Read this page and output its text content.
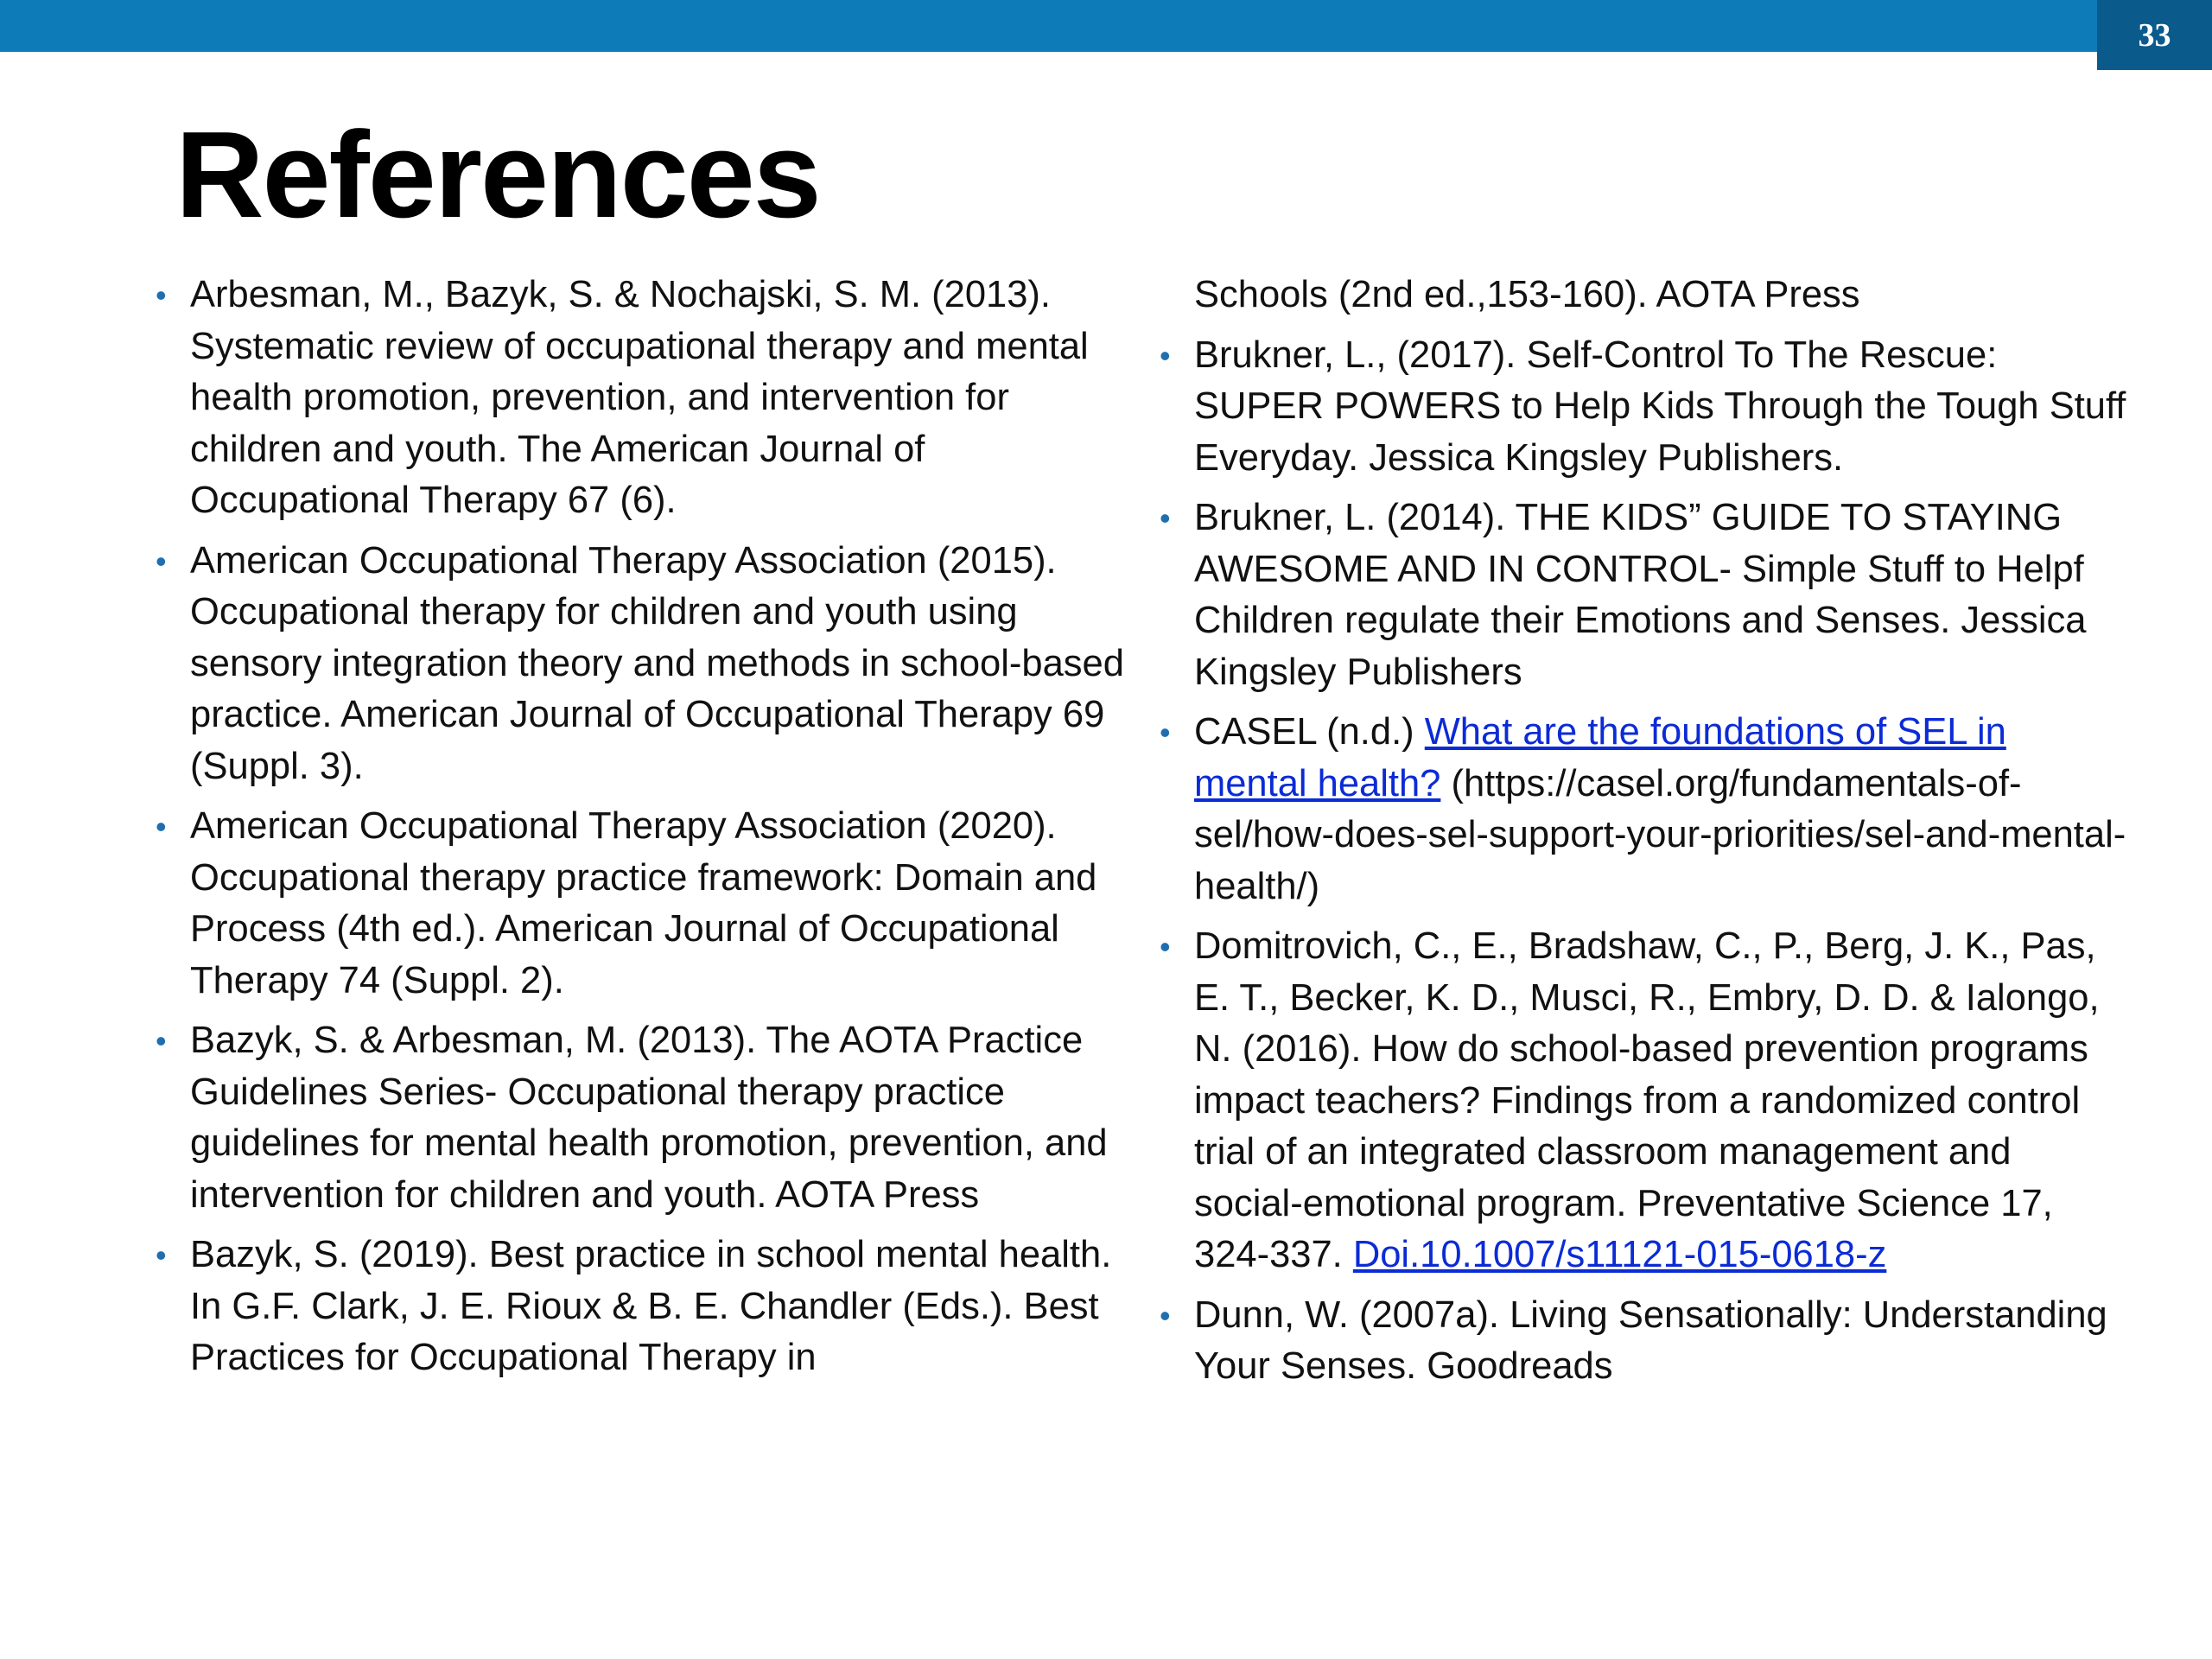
33
References
• Arbesman, M., Bazyk, S. & Nochajski, S. M. (2013). Systematic review of occupational therapy and mental health promotion, prevention, and intervention for children and youth. The American Journal of Occupational Therapy 67 (6).
• American Occupational Therapy Association (2015). Occupational therapy for children and youth using sensory integration theory and methods in school-based practice. American Journal of Occupational Therapy 69 (Suppl. 3).
• American Occupational Therapy Association (2020). Occupational therapy practice framework: Domain and Process (4th ed.). American Journal of Occupational Therapy 74 (Suppl. 2).
• Bazyk, S. & Arbesman, M. (2013). The AOTA Practice Guidelines Series- Occupational therapy practice guidelines for mental health promotion, prevention, and intervention for children and youth. AOTA Press
• Bazyk, S. (2019). Best practice in school mental health. In G.F. Clark, J. E. Rioux & B. E. Chandler (Eds.). Best Practices for Occupational Therapy in
Schools (2nd ed.,153-160). AOTA Press
• Brukner, L., (2017). Self-Control To The Rescue: SUPER POWERS to Help Kids Through the Tough Stuff Everyday. Jessica Kingsley Publishers.
• Brukner, L. (2014). THE KIDS” GUIDE TO STAYING AWESOME AND IN CONTROL- Simple Stuff to Helpf Children regulate their Emotions and Senses. Jessica Kingsley Publishers
• CASEL (n.d.) What are the foundations of SEL in mental health? (https://casel.org/fundamentals-of-sel/how-does-sel-support-your-priorities/sel-and-mental-health/)
• Domitrovich, C., E., Bradshaw, C., P., Berg, J. K., Pas, E. T., Becker, K. D., Musci, R., Embry, D. D. & Ialongo, N. (2016). How do school-based prevention programs impact teachers? Findings from a randomized control trial of an integrated classroom management and social-emotional program. Preventative Science 17, 324-337. Doi.10.1007/s11121-015-0618-z
• Dunn, W. (2007a). Living Sensationally: Understanding Your Senses. Goodreads
